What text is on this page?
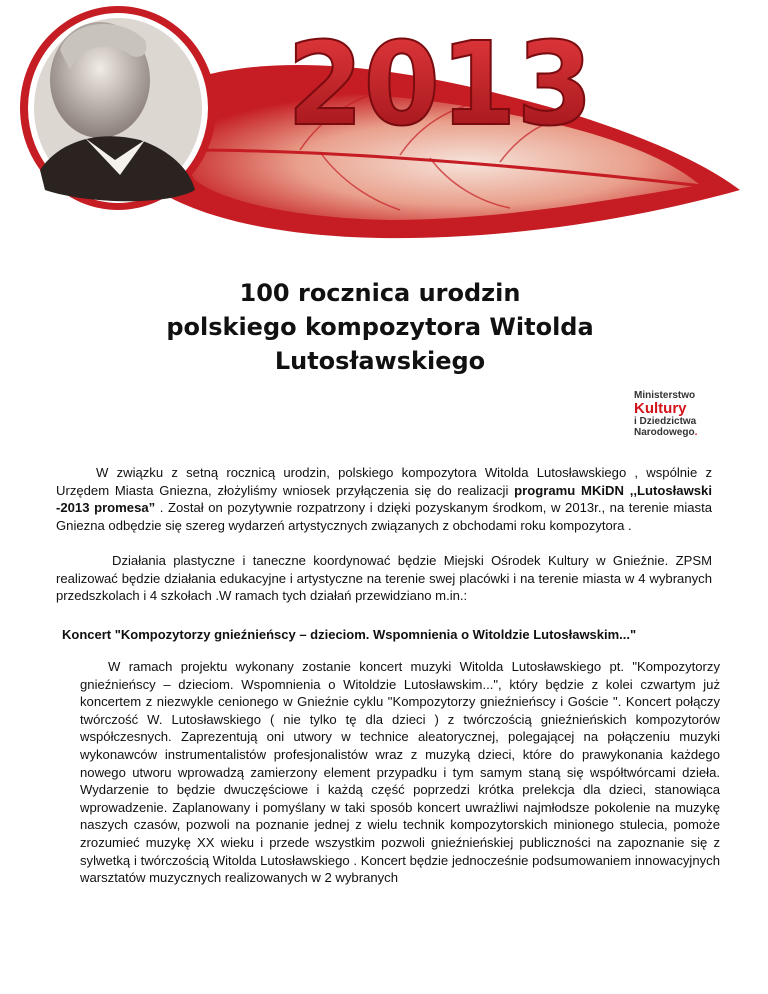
2013
100 rocznica urodzin
polskiego kompozytora Witolda
Lutosławskiego
Ministerstwo
Kultury
i Dziedzictwa
Narodowego.
W związku z setną rocznicą urodzin, polskiego kompozytora Witolda Lutosławskiego , wspólnie z Urzędem Miasta Gniezna, złożyliśmy wniosek przyłączenia się do realizacji programu MKiDN ,,Lutosławski -2013 promesa” . Został on pozytywnie rozpatrzony i dzięki pozyskanym środkom, w 2013r., na terenie miasta Gniezna odbędzie się szereg wydarzeń artystycznych związanych z obchodami roku kompozytora .
Działania plastyczne i taneczne koordynować będzie Miejski Ośrodek Kultury w Gnieźnie. ZPSM realizować będzie działania edukacyjne i artystyczne na terenie swej placówki i na terenie miasta w 4 wybranych przedszkolach i 4 szkołach .W ramach tych działań przewidziano m.in.:
Koncert "Kompozytorzy gnieźnieńscy – dzieciom. Wspomnienia o Witoldzie Lutosławskim..."
W ramach projektu wykonany zostanie koncert muzyki Witolda Lutosławskiego pt. "Kompozytorzy gnieźnieńscy – dzieciom. Wspomnienia o Witoldzie Lutosławskim...", który będzie z kolei czwartym już koncertem z niezwykle cenionego w Gnieźnie cyklu "Kompozytorzy gnieźnieńscy i Goście ". Koncert połączy twórczość W. Lutosławskiego ( nie tylko tę dla dzieci ) z twórczością gnieźnieńskich kompozytorów współczesnych. Zaprezentują oni utwory w technice aleatorycznej, polegającej na połączeniu muzyki wykonawców instrumentalistów profesjonalistów wraz z muzyką dzieci, które do prawykonania każdego nowego utworu wprowadzą zamierzony element przypadku i tym samym staną się współtwórcami dzieła. Wydarzenie to będzie dwuczęściowe i każdą część poprzedzi krótka prelekcja dla dzieci, stanowiąca wprowadzenie. Zaplanowany i pomyślany w taki sposób koncert uwrażliwi najmłodsze pokolenie na muzykę naszych czasów, pozwoli na poznanie jednej z wielu technik kompozytorskich minionego stulecia, pomoże zrozumieć muzykę XX wieku i przede wszystkim pozwoli gnieźnieńskiej publiczności na zapoznanie się z sylwetką i twórczością Witolda Lutosławskiego . Koncert będzie jednocześnie podsumowaniem innowacyjnych warsztatów muzycznych realizowanych w 2 wybranych
